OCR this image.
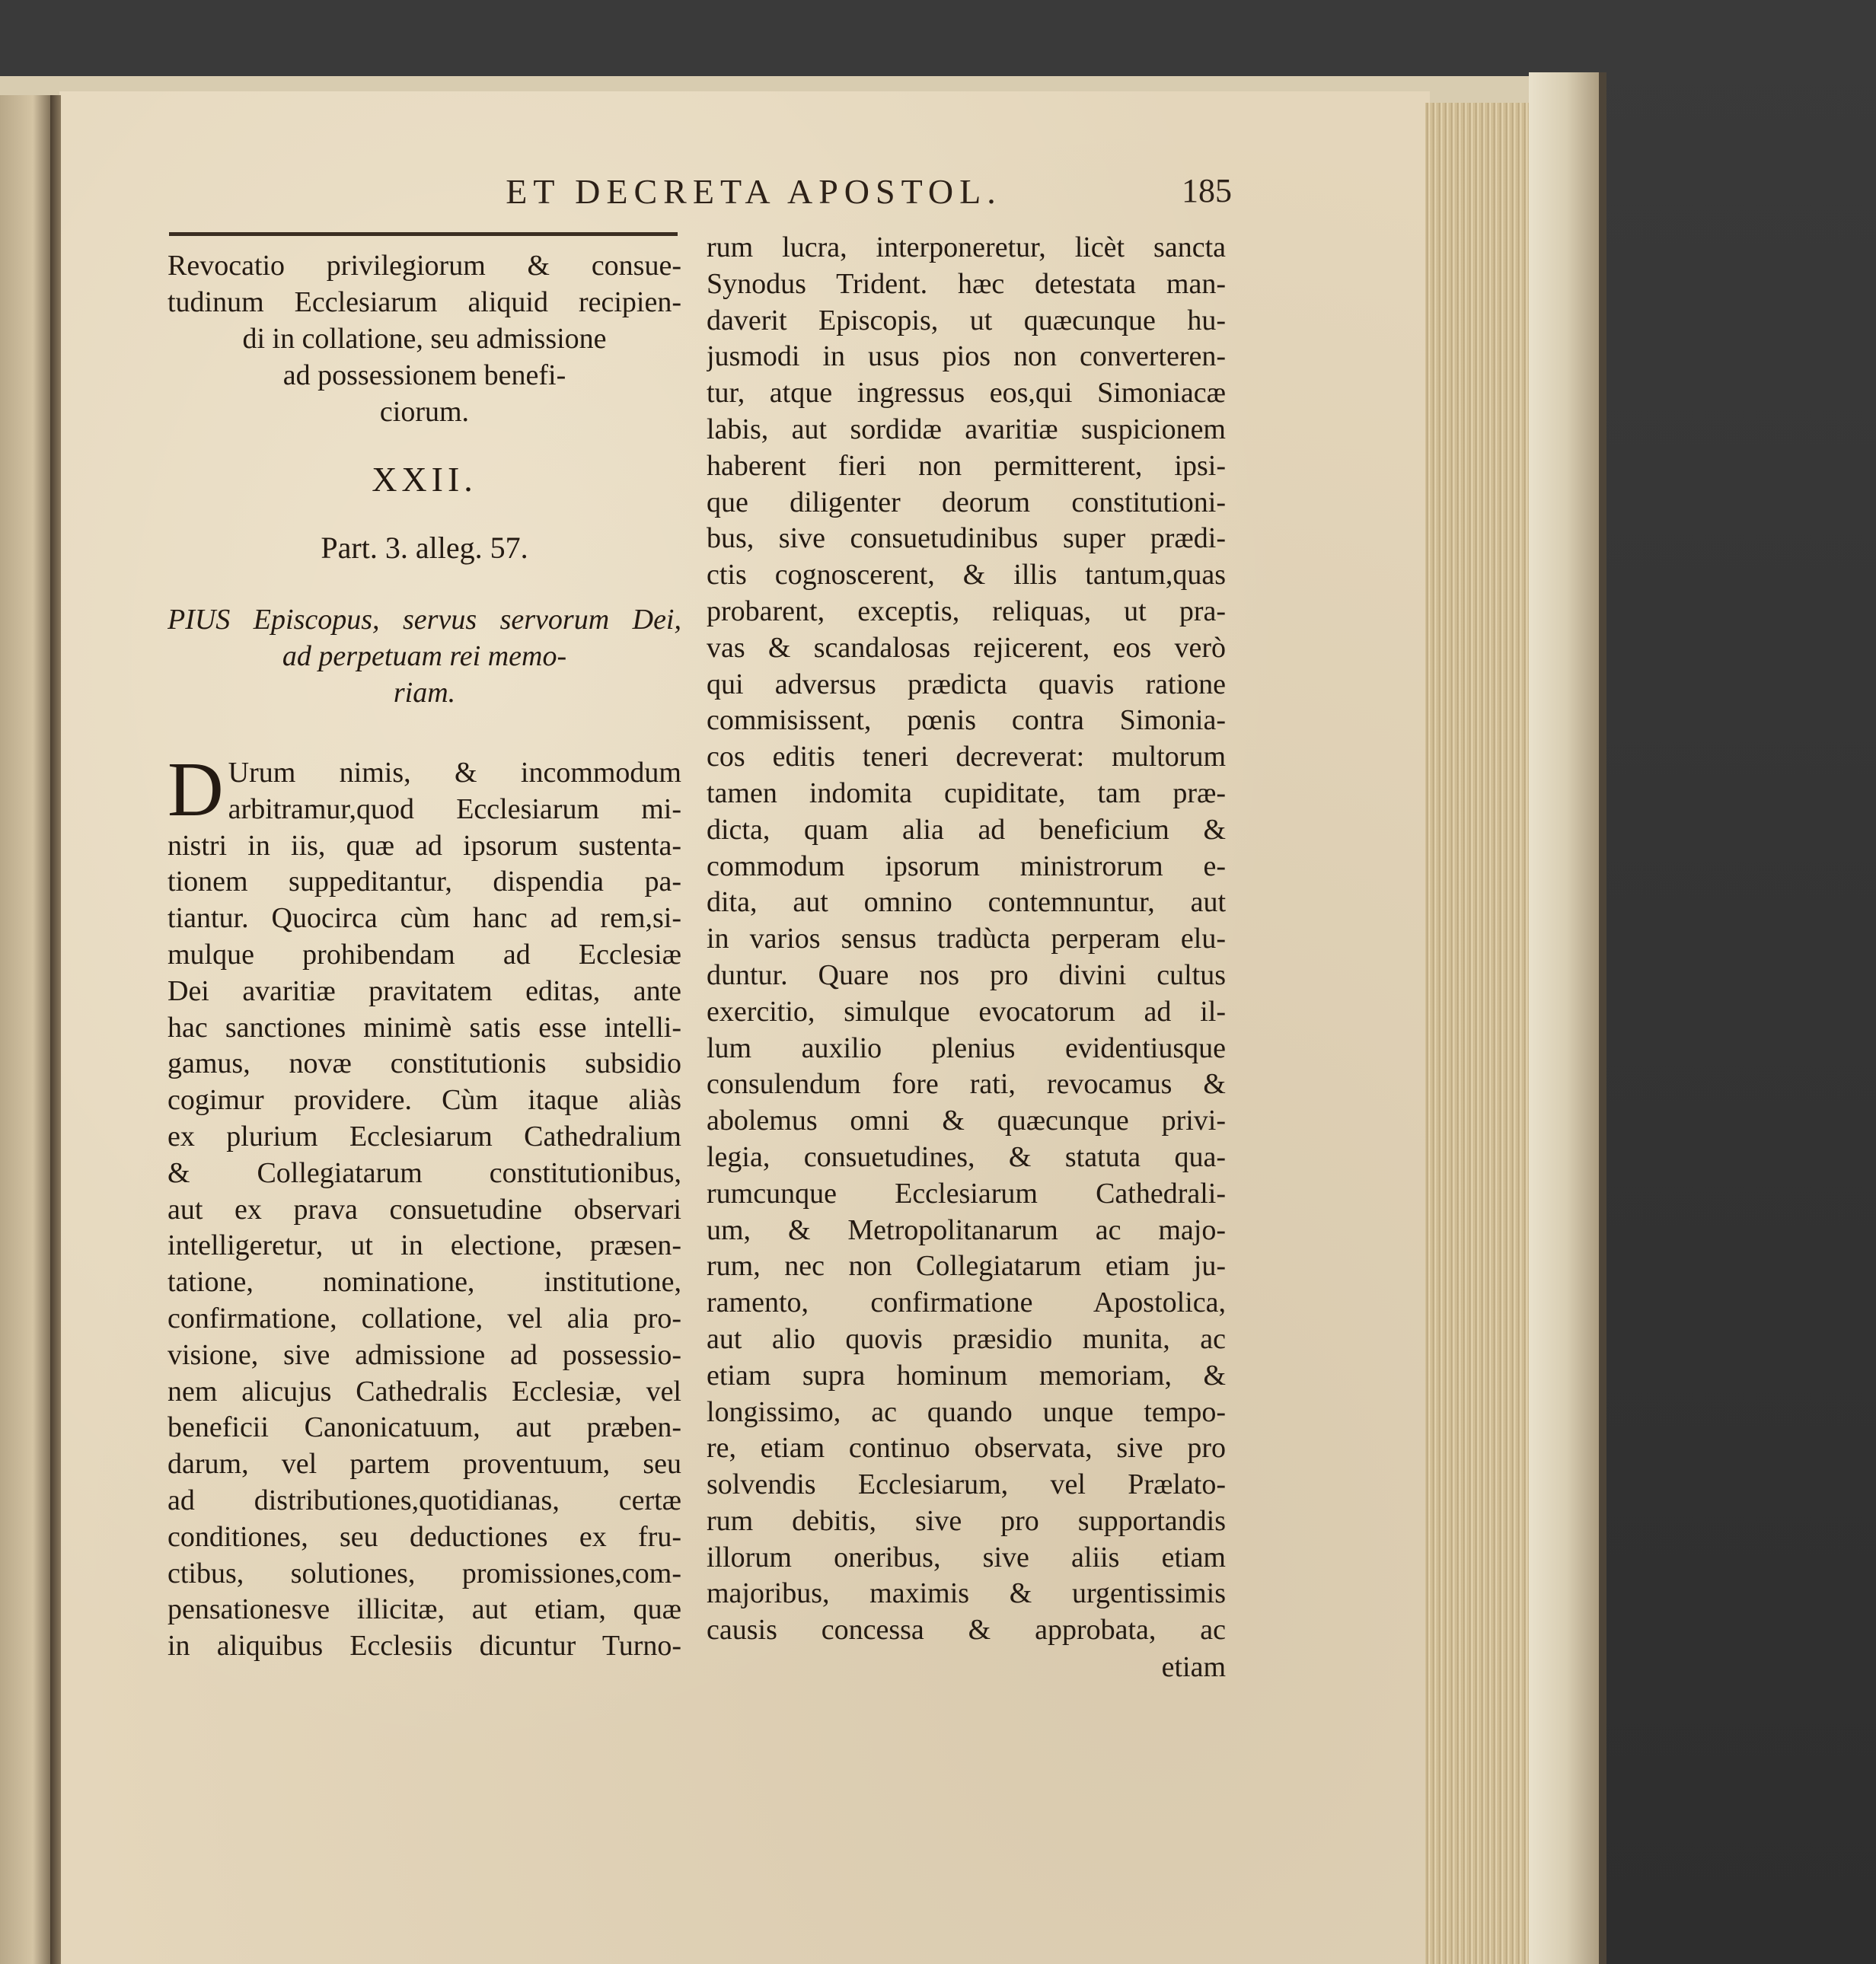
ET DECRETA APOSTOL.	185
Revocatio privilegiorum & consue-
tudinum Ecclesiarum aliquid recipien-
di in collatione, seu admissione
ad possessionem benefi-
ciorum.
XXII.
Part. 3. alleg. 57.
PIUS Episcopus, servus servorum Dei,
ad perpetuam rei memo-
riam.
D Urum nimis, & incommodum
arbitramur,quod Ecclesiarum mi-
nistri in iis, quæ ad ipsorum sustenta-
tionem suppeditantur, dispendia pa-
tiantur. Quocirca cùm hanc ad rem,si-
mulque prohibendam ad Ecclesiæ
Dei avaritiæ pravitatem editas, ante
hac sanctiones minimè satis esse intelli-
gamus, novæ constitutionis subsidio
cogimur providere. Cùm itaque aliàs
ex plurium Ecclesiarum Cathedralium
& Collegiatarum constitutionibus,
aut ex prava consuetudine observari
intelligeretur, ut in electione, præsen-
tatione, nominatione, institutione,
confirmatione, collatione, vel alia pro-
visione, sive admissione ad possessio-
nem alicujus Cathedralis Ecclesiæ, vel
beneficii Canonicatuum, aut præben-
darum, vel partem proventuum, seu
ad distributiones,quotidianas, certæ
conditiones, seu deductiones ex fru-
ctibus, solutiones, promissiones,com-
pensationesve illicitæ, aut etiam, quæ
in aliquibus Ecclesiis dicuntur Turno-
rum lucra, interponeretur, licèt sancta
Synodus Trident. hæc detestata man-
daverit Episcopis, ut quæcunque hu-
jusmodi in usus pios non converteren-
tur, atque ingressus eos,qui Simoniacæ
labis, aut sordidæ avaritiæ suspicionem
haberent fieri non permitterent, ipsi-
que diligenter deorum constitutioni-
bus, sive consuetudinibus super prædi-
ctis cognoscerent, & illis tantum,quas
probarent, exceptis, reliquas, ut pra-
vas & scandalosas rejicerent, eos verò
qui adversus prædicta quavis ratione
commisissent, pœnis contra Simonia-
cos editis teneri decreverat: multorum
tamen indomita cupiditate, tam præ-
dicta, quam alia ad beneficium &
commodum ipsorum ministrorum e-
dita, aut omnino contemnuntur, aut
in varios sensus tradùcta perperam elu-
duntur. Quare nos pro divini cultus
exercitio, simulque evocatorum ad il-
lum auxilio plenius evidentiusque
consulendum fore rati, revocamus &
abolemus omni & quæcunque privi-
legia, consuetudines, & statuta qua-
rumcunque Ecclesiarum Cathedrali-
um, & Metropolitanarum ac majo-
rum, nec non Collegiatarum etiam ju-
ramento, confirmatione Apostolica,
aut alio quovis præsidio munita, ac
etiam supra hominum memoriam, &
longissimo, ac quando unque tempo-
re, etiam continuo observata, sive pro
solvendis Ecclesiarum, vel Prælato-
rum debitis, sive pro supportandis
illorum oneribus, sive aliis etiam
majoribus, maximis & urgentissimis
causis concessa & approbata, ac
etiam
